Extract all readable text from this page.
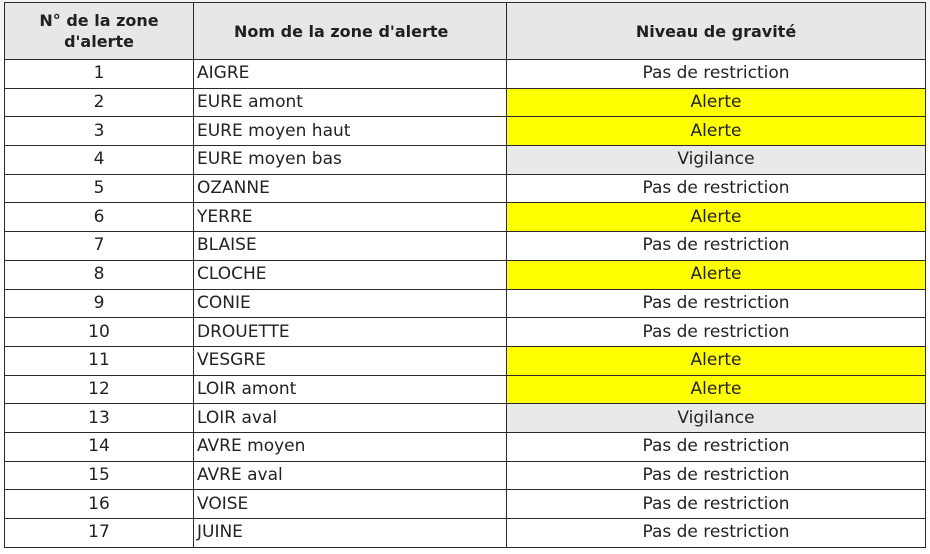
N° de la zone d'alerte	Nom de la zone d'alerte	Niveau de gravité
1	AIGRE	Pas de restriction
2	EURE amont	Alerte
3	EURE moyen haut	Alerte
4	EURE moyen bas	Vigilance
5	OZANNE	Pas de restriction
6	YERRE	Alerte
7	BLAISE	Pas de restriction
8	CLOCHE	Alerte
9	CONIE	Pas de restriction
10	DROUETTE	Pas de restriction
11	VESGRE	Alerte
12	LOIR amont	Alerte
13	LOIR aval	Vigilance
14	AVRE moyen	Pas de restriction
15	AVRE aval	Pas de restriction
16	VOISE	Pas de restriction
17	JUINE	Pas de restriction
